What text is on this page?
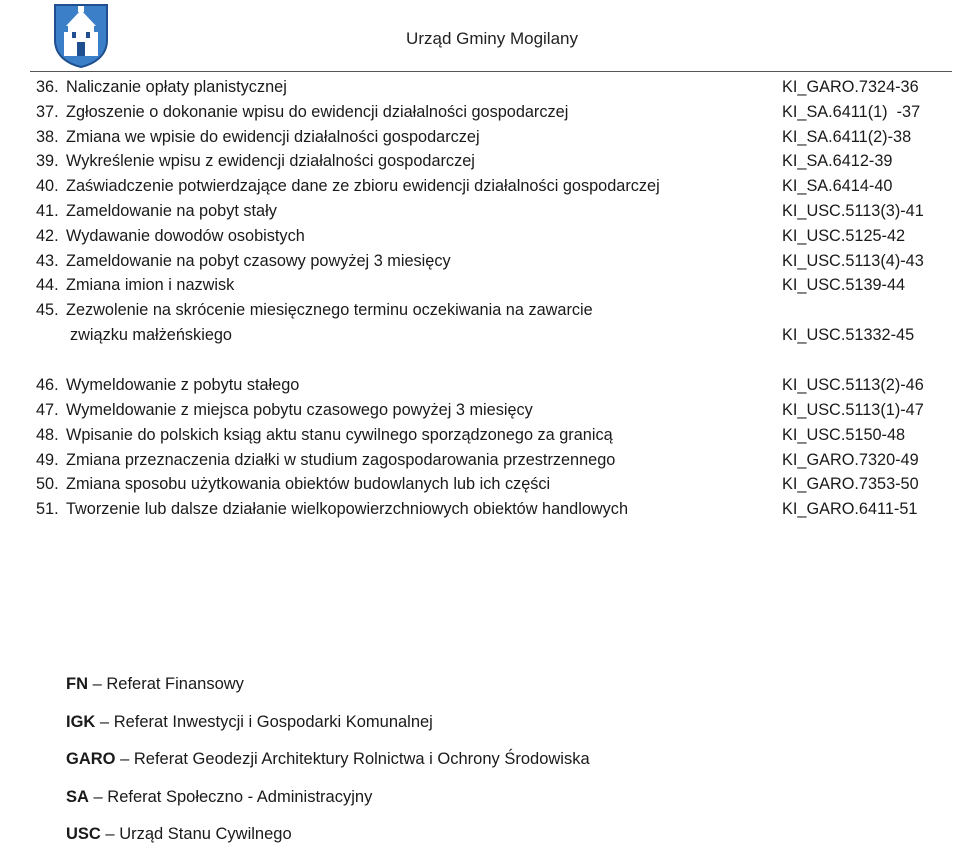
Urząd Gminy Mogilany
36. Naliczanie opłaty planistycznej	KI_GARO.7324-36
37. Zgłoszenie o dokonanie wpisu do ewidencji działalności gospodarczej	KI_SA.6411(1)  -37
38. Zmiana we wpisie do ewidencji działalności gospodarczej	KI_SA.6411(2)-38
39. Wykreślenie wpisu z ewidencji działalności gospodarczej	KI_SA.6412-39
40. Zaświadczenie potwierdzające dane ze zbioru ewidencji działalności gospodarczej	KI_SA.6414-40
41. Zameldowanie na pobyt stały	KI_USC.5113(3)-41
42. Wydawanie dowodów osobistych	KI_USC.5125-42
43. Zameldowanie na pobyt czasowy powyżej 3 miesięcy	KI_USC.5113(4)-43
44. Zmiana imion i nazwisk	KI_USC.5139-44
45. Zezwolenie na skrócenie miesięcznego terminu oczekiwania na zawarcie
związku małżeńskiego	KI_USC.51332-45
46. Wymeldowanie z pobytu stałego	KI_USC.5113(2)-46
47. Wymeldowanie z miejsca pobytu czasowego powyżej 3 miesięcy	KI_USC.5113(1)-47
48. Wpisanie do polskich ksiąg aktu stanu cywilnego sporządzonego za granicą	KI_USC.5150-48
49. Zmiana przeznaczenia działki w studium zagospodarowania przestrzennego	KI_GARO.7320-49
50. Zmiana sposobu użytkowania obiektów budowlanych lub ich części	KI_GARO.7353-50
51. Tworzenie lub dalsze działanie wielkopowierzchniowych obiektów handlowych	KI_GARO.6411-51
FN – Referat Finansowy
IGK – Referat Inwestycji i Gospodarki Komunalnej
GARO – Referat Geodezji Architektury Rolnictwa i Ochrony Środowiska
SA – Referat Społeczno - Administracyjny
USC – Urząd Stanu Cywilnego
